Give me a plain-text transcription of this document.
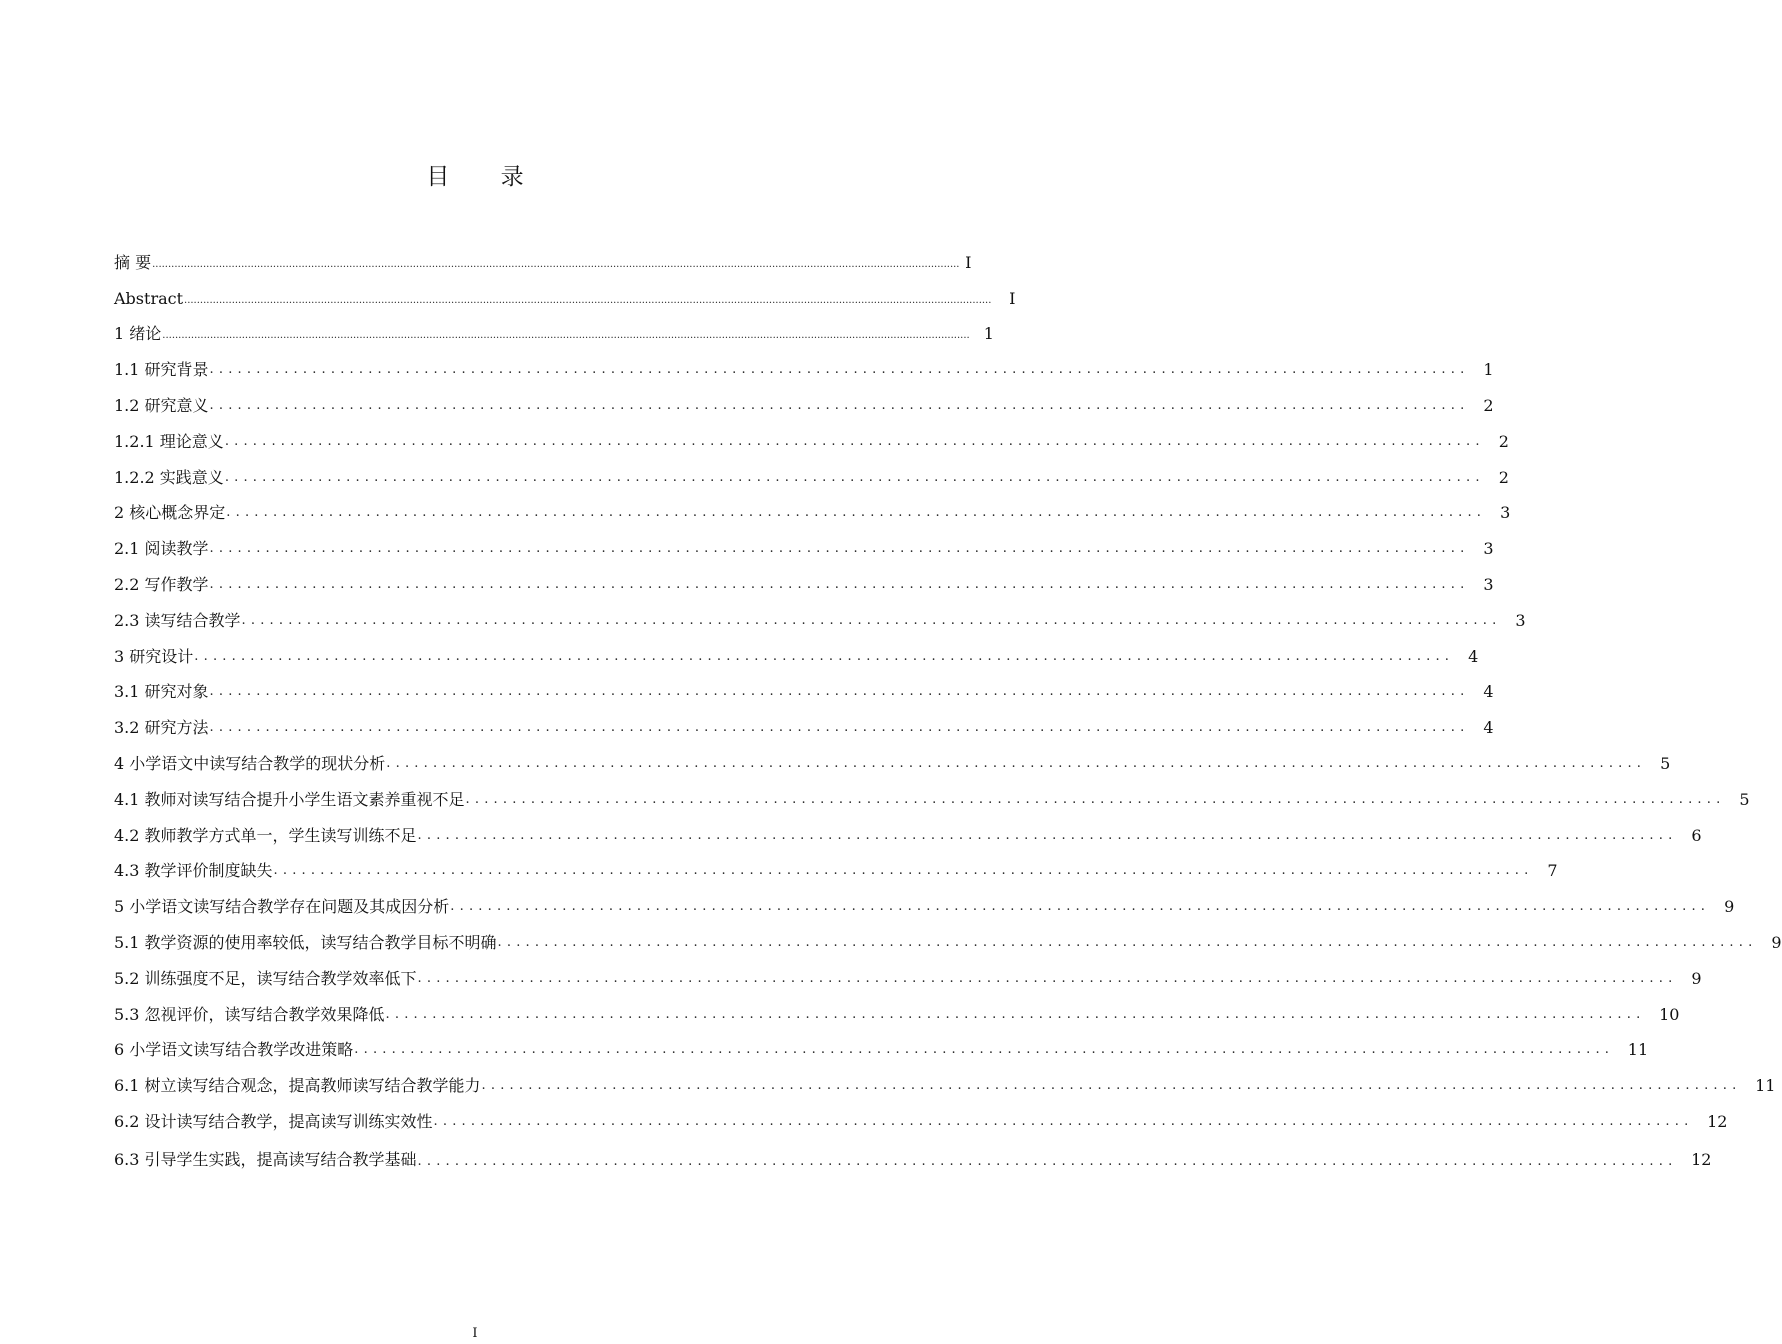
目 录
摘 要 .............................................................................................................................................................................................................................................................. I
Abstract ..............................................................................................................................................................................................................................................................	I
1 绪论 .............................................................................................................................................................................................................................................................. 1
1.1 研究背景 ....................................................................................................................................... 1
1.2 研究意义 ....................................................................................................................................... 2
1.2.1 理论意义 ....................................................................................................................................... 2
1.2.2 实践意义 ....................................................................................................................................... 2
2 核心概念界定 ....................................................................................................................................... 3
2.1 阅读教学 ....................................................................................................................................... 3
2.2 写作教学 ....................................................................................................................................... 3
2.3 读写结合教学 ....................................................................................................................................... 3
3 研究设计 ....................................................................................................................................... 4
3.1 研究对象 ....................................................................................................................................... 4
3.2 研究方法 ....................................................................................................................................... 4
4 小学语文中读写结合教学的现状分析 ....................................................................................................................................... 5
4.1 教师对读写结合提升小学生语文素养重视不足 ....................................................................................................................................... 5
4.2 教师教学方式单一，学生读写训练不足 ....................................................................................................................................... 6
4.3 教学评价制度缺失 ....................................................................................................................................... 7
5 小学语文读写结合教学存在问题及其成因分析 ....................................................................................................................................... 9
5.1 教学资源的使用率较低，读写结合教学目标不明确 ....................................................................................................................................... 9
5.2 训练强度不足，读写结合教学效率低下 ....................................................................................................................................... 9
5.3 忽视评价，读写结合教学效果降低 ....................................................................................................................................... 10
6 小学语文读写结合教学改进策略 ....................................................................................................................................... 11
6.1 树立读写结合观念，提高教师读写结合教学能力 ....................................................................................................................................... 11
6.2 设计读写结合教学，提高读写训练实效性 ....................................................................................................................................... 12
6.3 引导学生实践，提高读写结合教学基础 ....................................................................................................................................... 12
I
